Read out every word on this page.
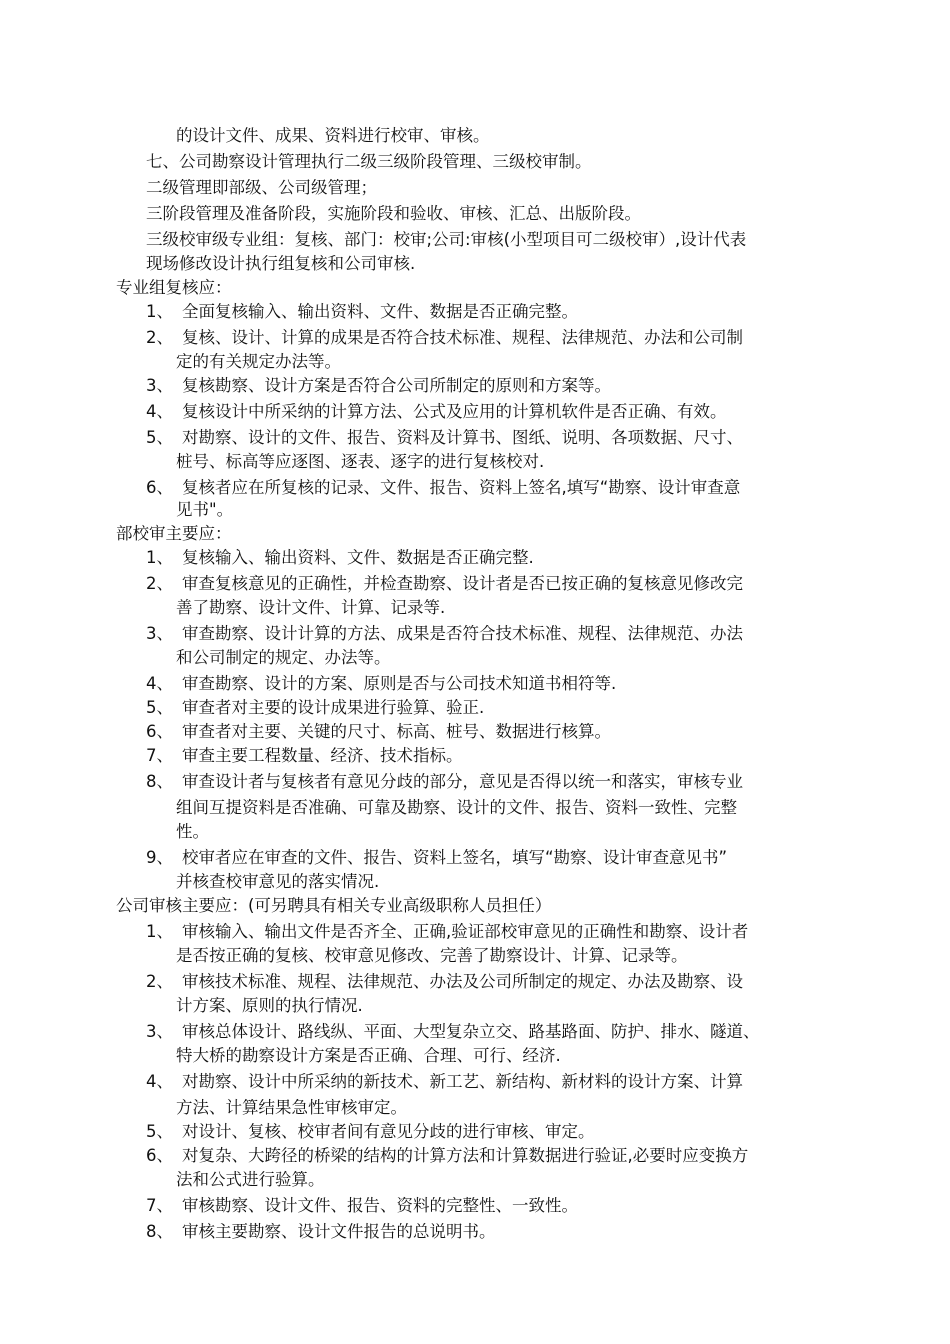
的设计文件、成果、资料进行校审、审核。
七、公司勘察设计管理执行二级三级阶段管理、三级校审制。
二级管理即部级、公司级管理；
三阶段管理及准备阶段，实施阶段和验收、审核、汇总、出版阶段。
三级校审级专业组：复核、部门：校审;公司:审核(小型项目可二级校审）,设计代表
现场修改设计执行组复核和公司审核.
专业组复核应：
1、 全面复核输入、输出资料、文件、数据是否正确完整。
2、 复核、设计、计算的成果是否符合技术标准、规程、法律规范、办法和公司制
定的有关规定办法等。
3、 复核勘察、设计方案是否符合公司所制定的原则和方案等。
4、 复核设计中所采纳的计算方法、公式及应用的计算机软件是否正确、有效。
5、 对勘察、设计的文件、报告、资料及计算书、图纸、说明、各项数据、尺寸、
桩号、标高等应逐图、逐表、逐字的进行复核校对.
6、 复核者应在所复核的记录、文件、报告、资料上签名,填写“勘察、设计审查意
见书"。
部校审主要应：
1、 复核输入、输出资料、文件、数据是否正确完整.
2、 审查复核意见的正确性，并检查勘察、设计者是否已按正确的复核意见修改完
善了勘察、设计文件、计算、记录等.
3、 审查勘察、设计计算的方法、成果是否符合技术标准、规程、法律规范、办法
和公司制定的规定、办法等。
4、 审查勘察、设计的方案、原则是否与公司技术知道书相符等.
5、 审查者对主要的设计成果进行验算、验正.
6、 审查者对主要、关键的尺寸、标高、桩号、数据进行核算。
7、 审查主要工程数量、经济、技术指标。
8、 审查设计者与复核者有意见分歧的部分，意见是否得以统一和落实，审核专业
组间互提资料是否准确、可靠及勘察、设计的文件、报告、资料一致性、完整
性。
9、 校审者应在审查的文件、报告、资料上签名，填写“勘察、设计审查意见书”
并核查校审意见的落实情况.
公司审核主要应：(可另聘具有相关专业高级职称人员担任）
1、 审核输入、输出文件是否齐全、正确,验证部校审意见的正确性和勘察、设计者
是否按正确的复核、校审意见修改、完善了勘察设计、计算、记录等。
2、 审核技术标准、规程、法律规范、办法及公司所制定的规定、办法及勘察、设
计方案、原则的执行情况.
3、 审核总体设计、路线纵、平面、大型复杂立交、路基路面、防护、排水、隧道、
特大桥的勘察设计方案是否正确、合理、可行、经济.
4、 对勘察、设计中所采纳的新技术、新工艺、新结构、新材料的设计方案、计算
方法、计算结果急性审核审定。
5、 对设计、复核、校审者间有意见分歧的进行审核、审定。
6、 对复杂、大跨径的桥梁的结构的计算方法和计算数据进行验证,必要时应变换方
法和公式进行验算。
7、 审核勘察、设计文件、报告、资料的完整性、一致性。
8、 审核主要勘察、设计文件报告的总说明书。
